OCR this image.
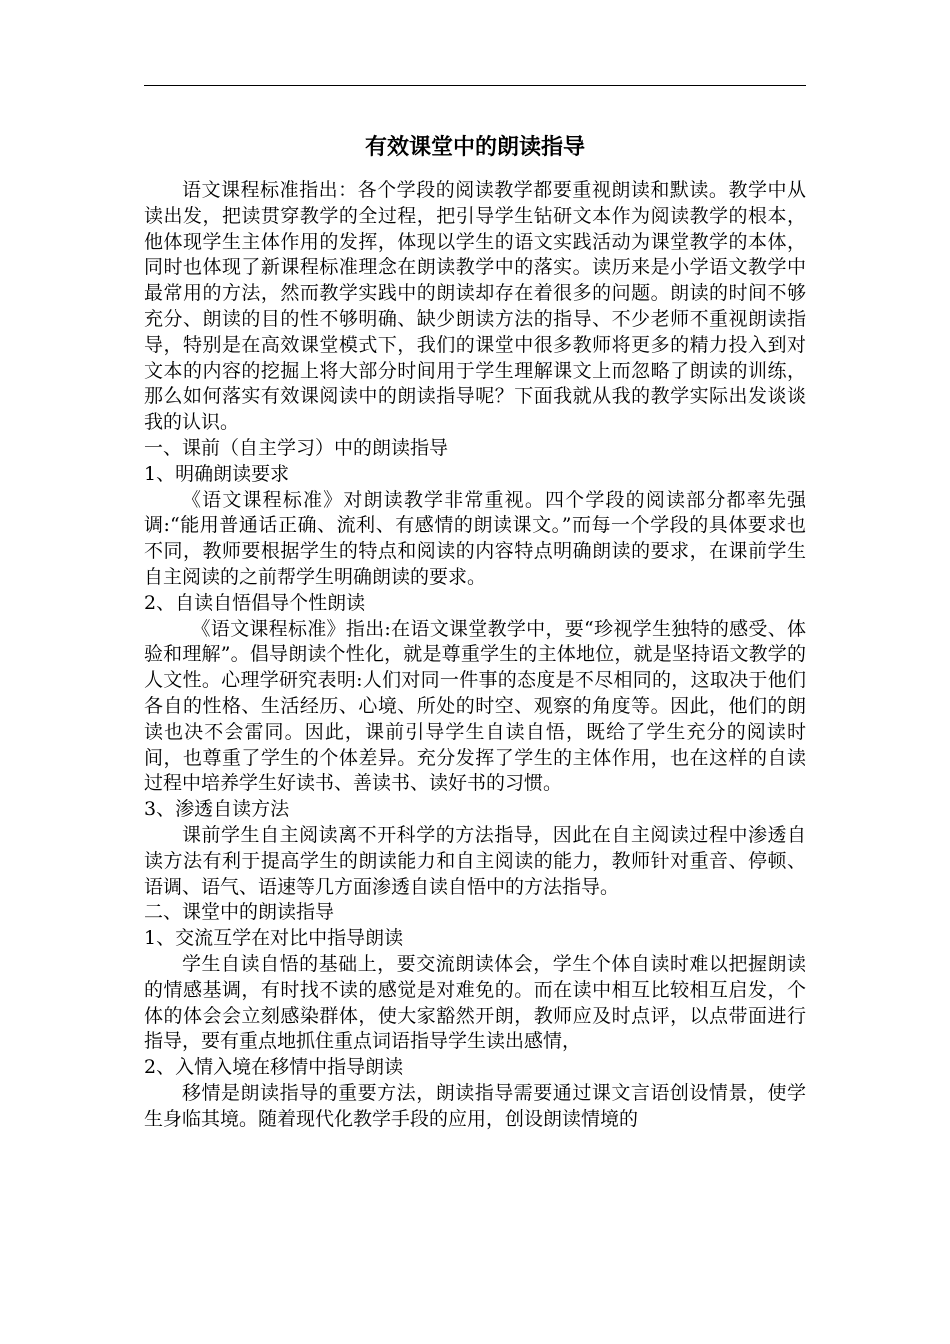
有效课堂中的朗读指导

语文课程标准指出：各个学段的阅读教学都要重视朗读和默读。教学中从读出发，把读贯穿教学的全过程，把引导学生钻研文本作为阅读教学的根本，他体现学生主体作用的发挥，体现以学生的语文实践活动为课堂教学的本体，同时也体现了新课程标准理念在朗读教学中的落实。读历来是小学语文教学中最常用的方法，然而教学实践中的朗读却存在着很多的问题。朗读的时间不够充分、朗读的目的性不够明确、缺少朗读方法的指导、不少老师不重视朗读指导，特别是在高效课堂模式下，我们的课堂中很多教师将更多的精力投入到对文本的内容的挖掘上将大部分时间用于学生理解课文上而忽略了朗读的训练，那么如何落实有效课阅读中的朗读指导呢？下面我就从我的教学实际出发谈谈我的认识。

一、课前（自主学习）中的朗读指导

1、明确朗读要求

《语文课程标准》对朗读教学非常重视。四个学段的阅读部分都率先强调:“能用普通话正确、流利、有感情的朗读课文。”而每一个学段的具体要求也不同，教师要根据学生的特点和阅读的内容特点明确朗读的要求，在课前学生自主阅读的之前帮学生明确朗读的要求。

2、自读自悟倡导个性朗读

《语文课程标准》指出:在语文课堂教学中，要“珍视学生独特的感受、体验和理解”。倡导朗读个性化，就是尊重学生的主体地位，就是坚持语文教学的人文性。心理学研究表明:人们对同一件事的态度是不尽相同的，这取决于他们各自的性格、生活经历、心境、所处的时空、观察的角度等。因此，他们的朗读也决不会雷同。因此，课前引导学生自读自悟，既给了学生充分的阅读时间，也尊重了学生的个体差异。充分发挥了学生的主体作用，也在这样的自读过程中培养学生好读书、善读书、读好书的习惯。

3、渗透自读方法

课前学生自主阅读离不开科学的方法指导，因此在自主阅读过程中渗透自读方法有利于提高学生的朗读能力和自主阅读的能力，教师针对重音、停顿、语调、语气、语速等几方面渗透自读自悟中的方法指导。

二、课堂中的朗读指导

1、交流互学在对比中指导朗读

学生自读自悟的基础上，要交流朗读体会，学生个体自读时难以把握朗读的情感基调，有时找不读的感觉是对难免的。而在读中相互比较相互启发，个体的体会会立刻感染群体，使大家豁然开朗，教师应及时点评，以点带面进行指导，要有重点地抓住重点词语指导学生读出感情，

2、入情入境在移情中指导朗读

移情是朗读指导的重要方法，朗读指导需要通过课文言语创设情景，使学生身临其境。随着现代化教学手段的应用，创设朗读情境的
